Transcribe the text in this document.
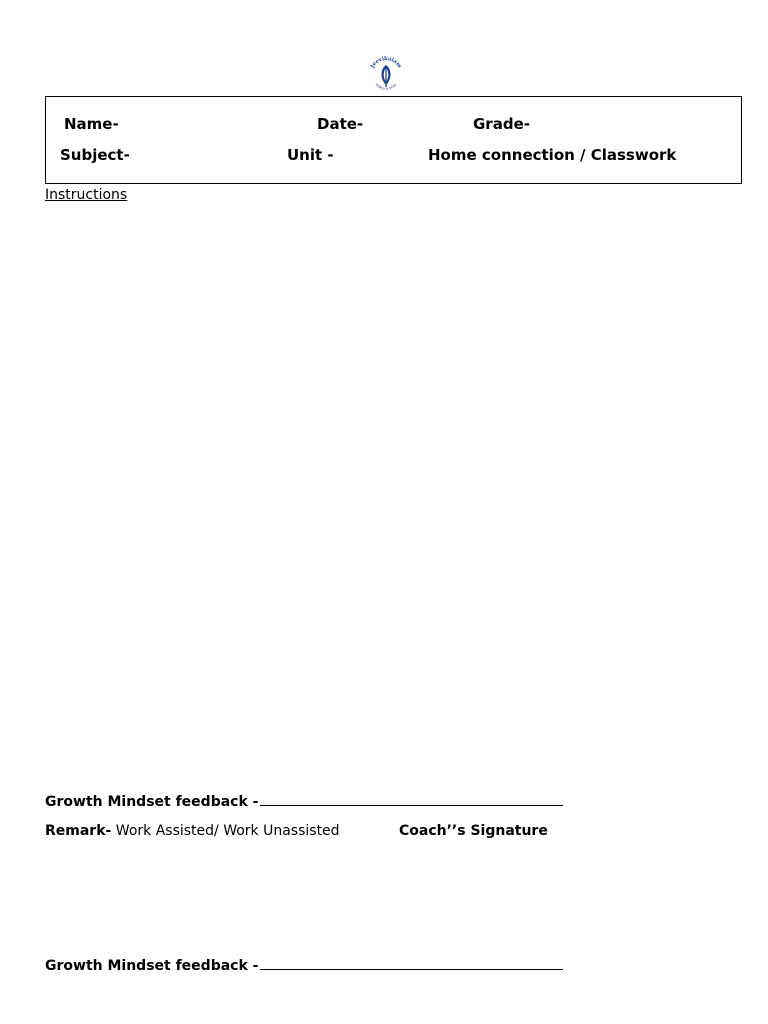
Jeevikalam
WORLD SCHOOL
Name-	Date-	Grade-
Subject-	Unit -	Home connection / Classwork
Instructions
Growth Mindset feedback -
Remark- Work Assisted/ Work Unassisted	Coach’’s Signature
Growth Mindset feedback -
